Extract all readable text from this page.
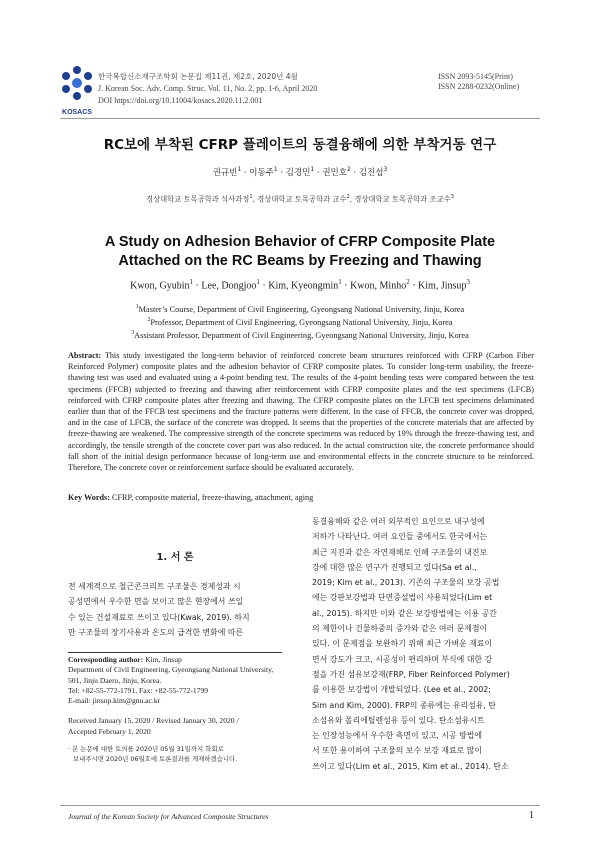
KOSACS
한국복합신소재구조학회 논문집 제11권, 제2호, 2020년 4월
J. Korean Soc. Adv. Comp. Struc. Vol. 11, No. 2, pp. 1-6, April 2020
DOI https://doi.org/10.11004/kosacs.2020.11.2.001
ISSN 2093-5145(Print)
ISSN 2288-0232(Online)
RC보에 부착된 CFRP 플레이트의 동결융해에 의한 부착거동 연구
권규빈$^1$ · 이동주$^1$ · 김경민$^1$ · 권민호$^2$ · 김진섭$^3$
경상대학교 토목공학과 석사과정$^1$, 경상대학교 토목공학과 교수$^2$, 경상대학교 토목공학과 조교수$^3$
A Study on Adhesion Behavior of CFRP Composite Plate
Attached on the RC Beams by Freezing and Thawing
Kwon, Gyubin$^1$ · Lee, Dongjoo$^1$ · Kim, Kyeongmin$^1$ · Kwon, Minho$^2$ · Kim, Jinsup$^3$
$^1$Master’s Course, Department of Civil Engineering, Gyeongsang National University, Jinju, Korea
$^2$Professor, Department of Civil Engineering, Gyeongsang National University, Jinju, Korea
$^3$Assistant Professor, Department of Civil Engineering, Gyeongsang National University, Jinju, Korea
Abstract: This study investigated the long-term behavior of reinforced concrete beam structures reinforced with CFRP (Carbon Fiber Reinforced Polymer) composite plates and the adhesion behavior of CFRP composite plates. To consider long-term usability, the freeze-thawing test was used and evaluated using a 4-point bending test. The results of the 4-point bending tests were compared between the test specimens (FFCB) subjected to freezing and thawing after reinforcement with CFRP composite plates and the test specimens (LFCB) reinforced with CFRP composite plates after freezing and thawing. The CFRP composite plates on the LFCB test specimens delaminated earlier than that of the FFCB test specimens and the fracture patterns were different. In the case of FFCB, the concrete cover was dropped, and in the case of LFCB, the surface of the concrete was dropped. It seems that the properties of the concrete materials that are affected by freeze-thawing are weakened. The compressive strength of the concrete specimens was reduced by 19% through the freeze-thawing test, and accordingly, the tensile strength of the concrete cover part was also reduced. In the actual construction site, the concrete performance should fall short of the initial design performance because of long-term use and environmental effects in the concrete structure to be reinforced. Therefore, The concrete cover or reinforcement surface should be evaluated accurately.
Key Words: CFRP, composite material, freeze-thawing, attachment, aging
1. 서 론
전 세계적으로 철근콘크리트 구조물은 경제성과 시
공성면에서 우수한 면을 보이고 많은 현장에서 쓰일
수 있는 건설재료로 쓰이고 있다(Kwak, 2019). 하지
만 구조물의 장기사용과 온도의 급격한 변화에 따른
Corresponding author: Kim, Jinsup
Department of Civil Engineering, Gyeongsang National University,
501, Jinju Daero, Jinju, Korea.
Tel: +82-55-772-1791, Fax: +82-55-772-1799
E-mail: jinsup.kim@gnu.ac.kr
Received January 15, 2020 / Revised January 30, 2020 /
Accepted February 1, 2020
· 본 논문에 대한 토의를 2020년 05월 31일까지 학회로
보내주시면 2020년 06월호에 토론결과를 게재하겠습니다.
동결융해와 같은 여러 외부적인 요인으로 내구성에
저하가 나타난다. 여러 요인들 중에서도 한국에서는
최근 지진과 같은 자연재해로 인해 구조물의 내진보
강에 대한 많은 연구가 진행되고 있다(Sa et al.,
2019; Kim et al., 2013). 기존의 구조물의 보강 공법
에는 강판보강법과 단면증설법이 사용되었다(Lim et
al., 2015). 하지만 이와 같은 보강방법에는 이용 공간
의 제한이나 건물하중의 증가와 같은 여러 문제점이
있다. 이 문제점을 보완하기 위해 최근 가벼운 재료이
면서 강도가 크고, 시공성이 편리하며 부식에 대한 강
점을 가진 섬유보강재(FRP, Fiber Reinforced Polymer)
를 이용한 보강법이 개발되었다. (Lee et al., 2002;
Sim and Kim, 2000). FRP의 종류에는 유리섬유, 탄
소섬유와 폴리에틸렌섬유 등이 있다. 탄소섬유시트
는 인장성능에서 우수한 측면이 있고, 시공 방법에
서 또한 용이하여 구조물의 보수 보강 재료로 많이
쓰이고 있다(Lim et al., 2015, Kim et al., 2014). 탄소
Journal of the Korean Society for Advanced Composite Structures	1
